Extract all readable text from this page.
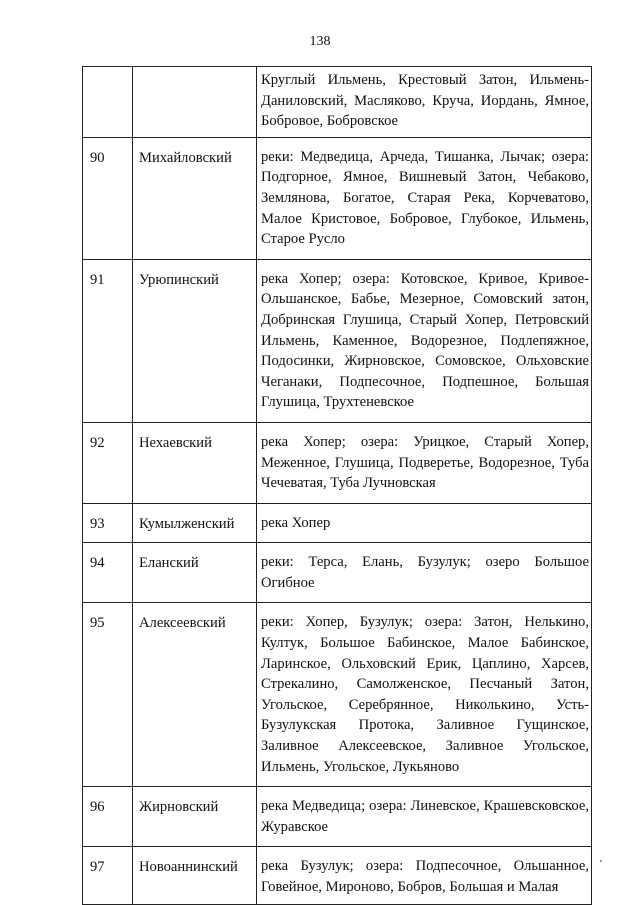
138

		Круглый Ильмень, Крестовый Затон, Ильмень-Даниловский, Масляково, Круча, Иордань, Ямное, Бобровое, Бобровское

90	Михайловский	реки: Медведица, Арчеда, Тишанка, Лычак; озера: Подгорное, Ямное, Вишневый Затон, Чебаково, Землянова, Богатое, Старая Река, Корчеватово, Малое Кристовое, Бобровое, Глубокое, Ильмень, Старое Русло

91	Урюпинский	река Хопер; озера: Котовское, Кривое, Кривое-Ольшанское, Бабье, Мезерное, Сомовский затон, Добринская Глушица, Старый Хопер, Петровский Ильмень, Каменное, Водорезное, Подлепяжное, Подосинки, Жирновское, Сомовское, Ольховские Чеганаки, Подпесочное, Подпешное, Большая Глушица, Трухтеневское

92	Нехаевский	река Хопер; озера: Урицкое, Старый Хопер, Меженное, Глушица, Подверетье, Водорезное, Туба Чечеватая, Туба Лучновская

93	Кумылженский	река Хопер

94	Еланский	реки: Терса, Елань, Бузулук; озеро Большое Огибное

95	Алексеевский	реки: Хопер, Бузулук; озера: Затон, Нелькино, Култук, Большое Бабинское, Малое Бабинское, Ларинское, Ольховский Ерик, Цаплино, Харсев, Стрекалино, Самолженское, Песчаный Затон, Угольское, Серебрянное, Николькино, Усть-Бузулукская Протока, Заливное Гущинское, Заливное Алексеевское, Заливное Угольское, Ильмень, Угольское, Лукьяново

96	Жирновский	река Медведица; озера: Линевское, Крашевсковское, Журавское

97	Новоаннинский	река Бузулук; озера: Подпесочное, Ольшанное, Говейное, Мироново, Бобров, Большая и Малая
